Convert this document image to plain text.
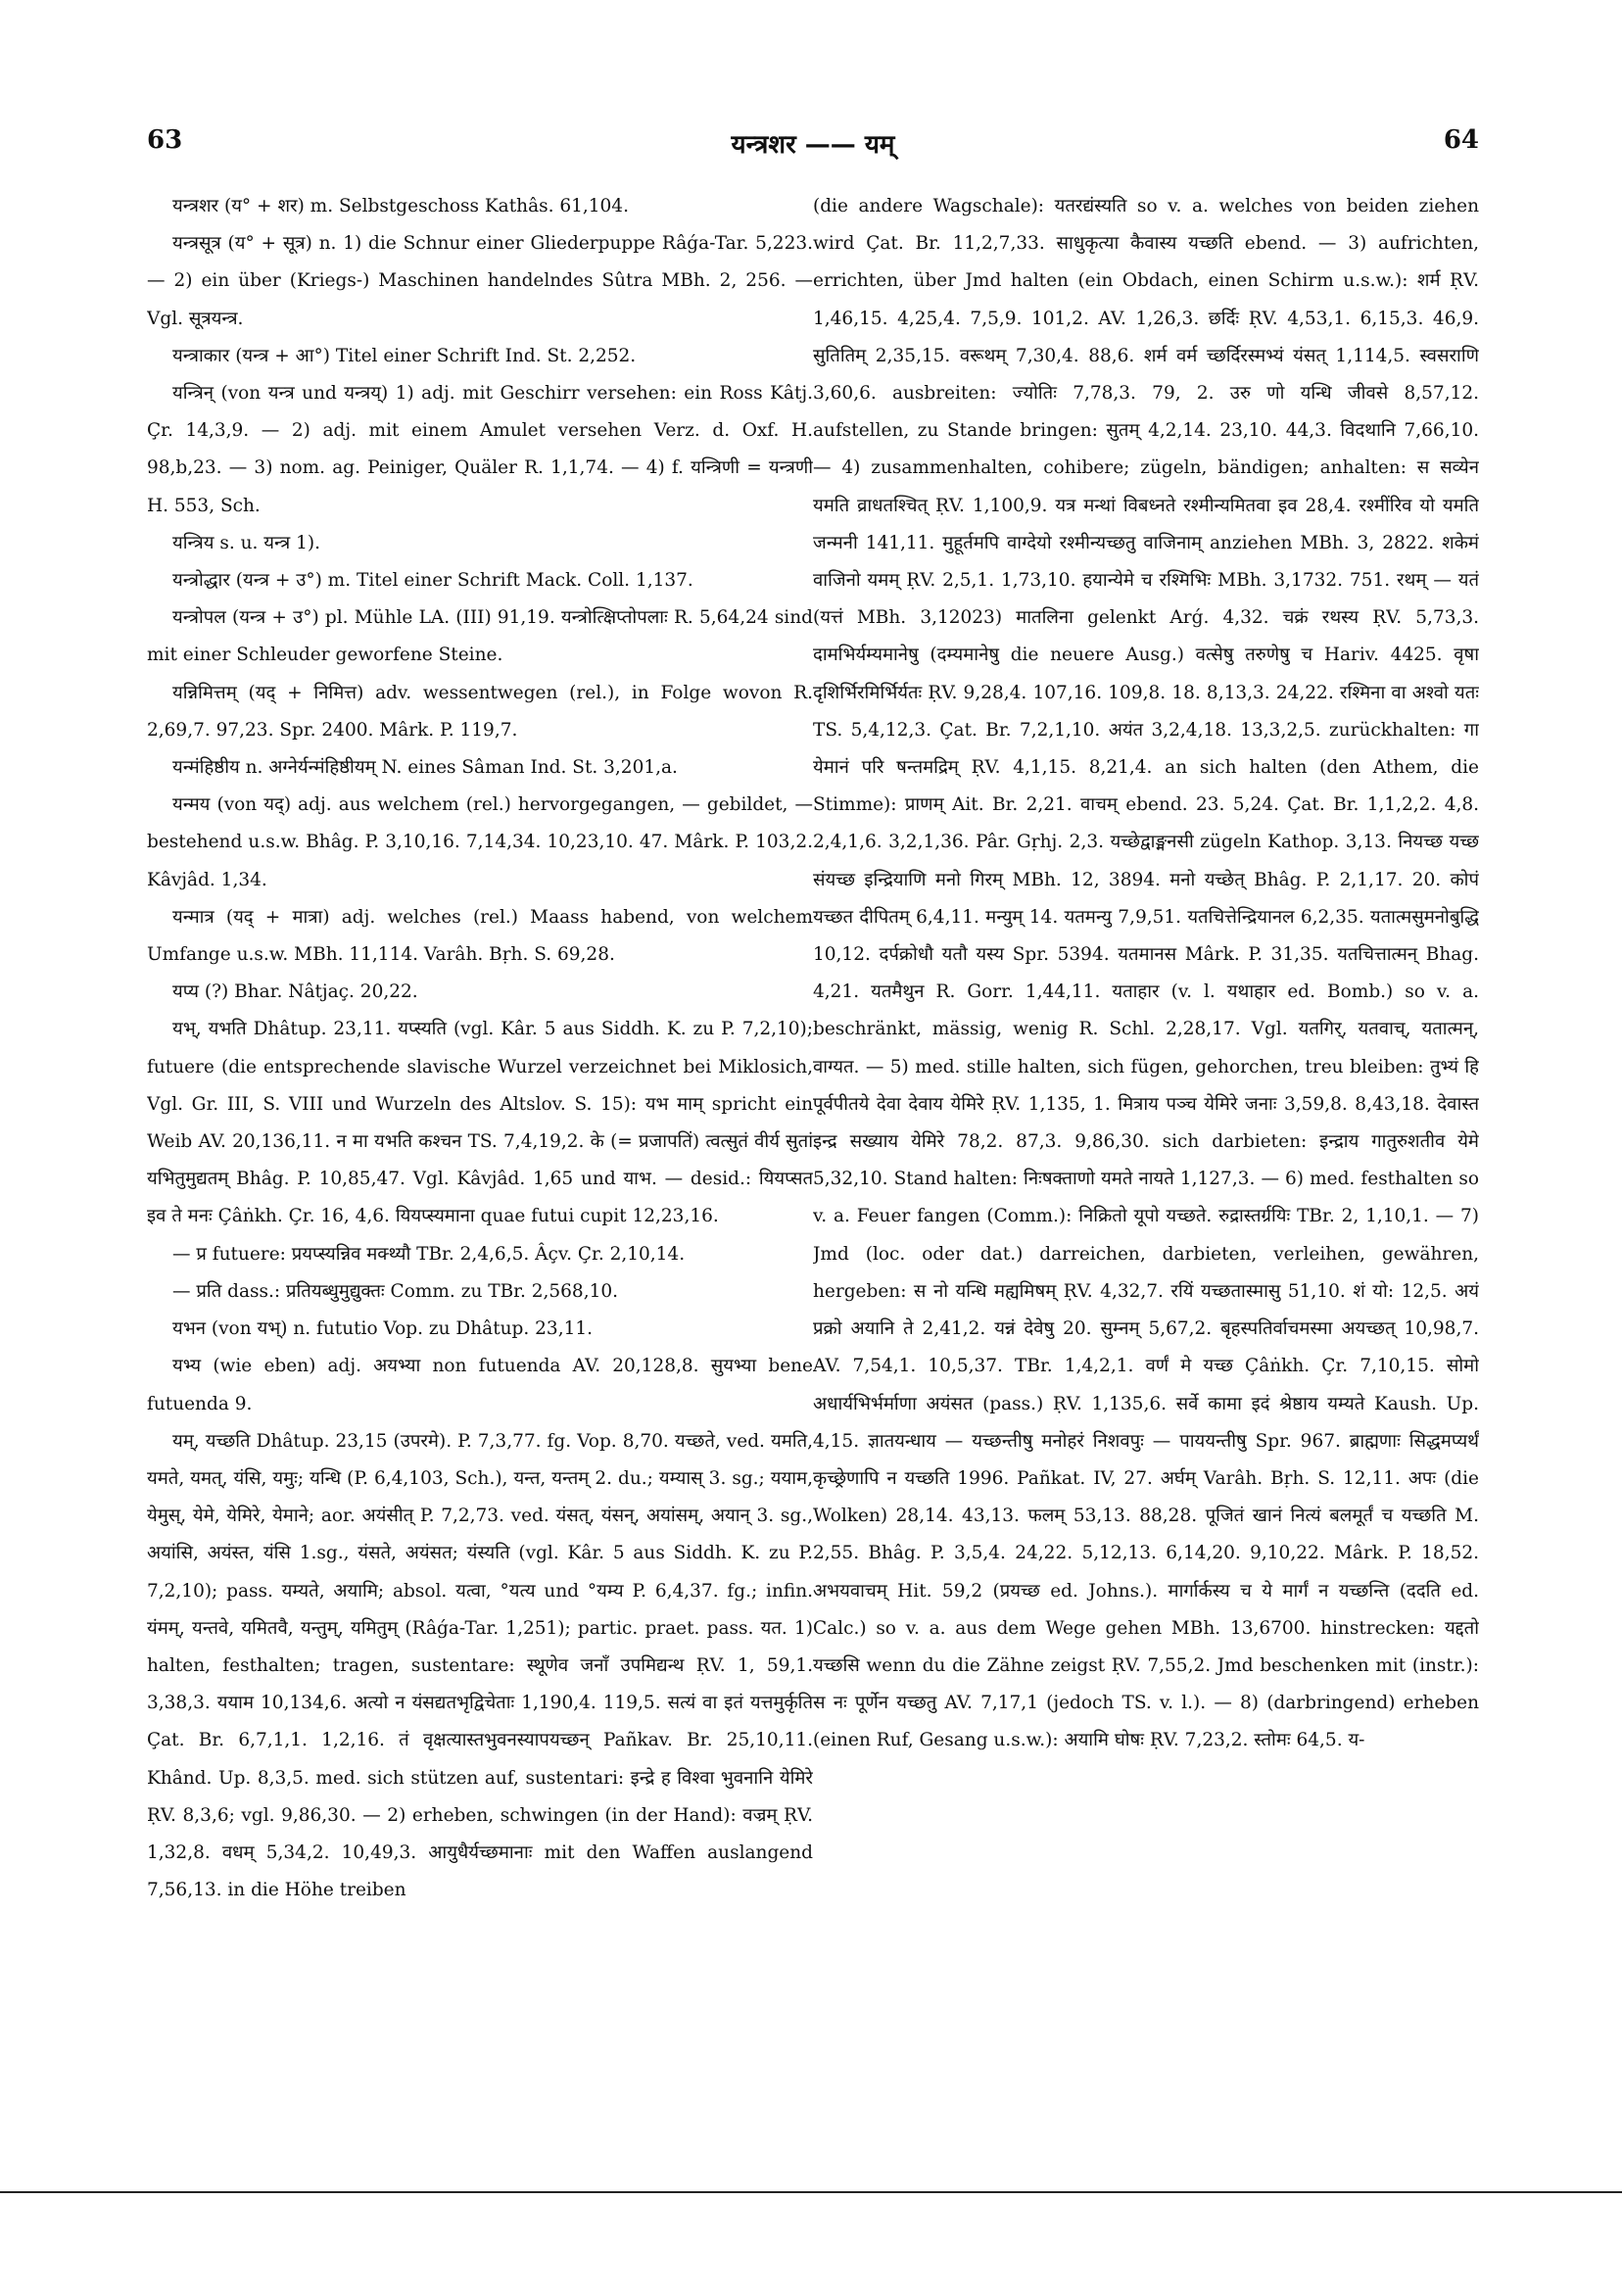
63	यन्त्रशर —— यम्	64

यन्त्रशर (य° + शर) m. Selbstgeschoss Kathâs. 61,104.

यन्त्रसूत्र (य° + सूत्र) n. 1) die Schnur einer Gliederpuppe Râǵa-Tar. 5,223. — 2) ein über (Kriegs-) Maschinen handelndes Sûtra MBh. 2, 256. — Vgl. सूत्रयन्त्र.

यन्त्राकार (यन्त्र + आ°) Titel einer Schrift Ind. St. 2,252.

यन्त्रिन् (von यन्त्र und यन्त्रय्) 1) adj. mit Geschirr versehen: ein Ross Kâtj. Çr. 14,3,9. — 2) adj. mit einem Amulet versehen Verz. d. Oxf. H. 98,b,23. — 3) nom. ag. Peiniger, Quäler R. 1,1,74. — 4) f. यन्त्रिणी = यन्त्रणी H. 553, Sch.

यन्त्रिय s. u. यन्त्र 1).

यन्त्रोद्धार (यन्त्र + उ°) m. Titel einer Schrift Mack. Coll. 1,137.

यन्त्रोपल (यन्त्र + उ°) pl. Mühle LA. (III) 91,19. यन्त्रोत्क्षिप्तोपलाः R. 5,64,24 sind mit einer Schleuder geworfene Steine.

यन्निमित्तम् (यद् + निमित्त) adv. wessentwegen (rel.), in Folge wovon R. 2,69,7. 97,23. Spr. 2400. Mârk. P. 119,7.

यन्मंहिष्ठीय n. अग्नेर्यन्मंहिष्ठीयम् N. eines Sâman Ind. St. 3,201,a.

यन्मय (von यद्) adj. aus welchem (rel.) hervorgegangen, — gebildet, — bestehend u.s.w. Bhâg. P. 3,10,16. 7,14,34. 10,23,10. 47. Mârk. P. 103,2. Kâvjâd. 1,34.

यन्मात्र (यद् + मात्रा) adj. welches (rel.) Maass habend, von welchem Umfange u.s.w. MBh. 11,114. Varâh. Bṛh. S. 69,28.

यप्य (?) Bhar. Nâtjaç. 20,22.

यभ्, यभति Dhâtup. 23,11. यप्स्यति (vgl. Kâr. 5 aus Siddh. K. zu P. 7,2,10); futuere (die entsprechende slavische Wurzel verzeichnet bei Miklosich, Vgl. Gr. III, S. VIII und Wurzeln des Altslov. S. 15): यभ माम् spricht ein Weib AV. 20,136,11. न मा यभति कश्चन TS. 7,4,19,2. के (= प्रजापतिं) त्वत्सुतं वीर्य सुतां यभितुमुद्यतम् Bhâg. P. 10,85,47. Vgl. Kâvjâd. 1,65 und याभ. — desid.: यियप्सत इव ते मनः Çâṅkh. Çr. 16, 4,6. यियप्स्यमाना quae futui cupit 12,23,16.

— प्र futuere: प्रयप्स्यन्निव मक्थ्यौ TBr. 2,4,6,5. Âçv. Çr. 2,10,14.

— प्रति dass.: प्रतियब्धुमुद्युक्तः Comm. zu TBr. 2,568,10.

यभन (von यभ्) n. fututio Vop. zu Dhâtup. 23,11.

यभ्य (wie eben) adj. अयभ्या non futuenda AV. 20,128,8. सुयभ्या bene futuenda 9.

यम्, यच्छति Dhâtup. 23,15 (उपरमे). P. 7,3,77. fg. Vop. 8,70. यच्छते, ved. यमति, यमते, यमत्, यंसि, यमुः; यन्धि (P. 6,4,103, Sch.), यन्त, यन्तम् 2. du.; यम्यास् 3. sg.; ययाम, येमुस्, येमे, येमिरे, येमाने; aor. अयंसीत् P. 7,2,73. ved. यंसत्, यंसन्, अयांसम्, अयान् 3. sg., अयांसि, अयंस्त, यंसि 1.sg., यंसते, अयंसत; यंस्यति (vgl. Kâr. 5 aus Siddh. K. zu P. 7,2,10); pass. यम्यते, अयामि; absol. यत्वा, °यत्य und °यम्य P. 6,4,37. fg.; infin. यंमम्, यन्तवे, यमितवै, यन्तुम्, यमितुम् (Râǵa-Tar. 1,251); partic. praet. pass. यत. 1) halten, festhalten; tragen, sustentare: स्थूणेव जनाँ उपमिद्यन्थ ṚV. 1, 59,1. 3,38,3. ययाम 10,134,6. अत्यो न यंसद्यतभृद्विचेताः 1,190,4. 119,5. सत्यं वा इतं यत्तमुर्कृति Çat. Br. 6,7,1,1. 1,2,16. तं वृक्षत्यास्तभुवनस्यापयच्छन् Pañkav. Br. 25,10,11. Khând. Up. 8,3,5. med. sich stützen auf, sustentari: इन्द्रे ह विश्वा भुवनानि येमिरे ṚV. 8,3,6; vgl. 9,86,30. — 2) erheben, schwingen (in der Hand): वज्रम् ṚV. 1,32,8. वधम् 5,34,2. 10,49,3. आयुधैर्यच्छमानाः mit den Waffen auslangend 7,56,13. in die Höhe treiben

(die andere Wagschale): यतरद्यंस्यति so v. a. welches von beiden ziehen wird Çat. Br. 11,2,7,33. साधुकृत्या कैवास्य यच्छति ebend. — 3) aufrichten, errichten, über Jmd halten (ein Obdach, einen Schirm u.s.w.): शर्म ṚV. 1,46,15. 4,25,4. 7,5,9. 101,2. AV. 1,26,3. छर्दिः ṚV. 4,53,1. 6,15,3. 46,9. सुतितिम् 2,35,15. वरूथम् 7,30,4. 88,6. शर्म वर्म च्छर्दिरस्मभ्यं यंसत् 1,114,5. स्वसराणि 3,60,6. ausbreiten: ज्योतिः 7,78,3. 79, 2. उरु णो यन्धि जीवसे 8,57,12. aufstellen, zu Stande bringen: सुतम् 4,2,14. 23,10. 44,3. विदथानि 7,66,10. — 4) zusammenhalten, cohibere; zügeln, bändigen; anhalten: स सव्येन यमति व्राधतश्चित् ṚV. 1,100,9. यत्र मन्थां विबध्नते रश्मीन्यमितवा इव 28,4. रश्मींरिव यो यमति जन्मनी 141,11. मुहूर्तमपि वाग्देयो रश्मीन्यच्छतु वाजिनाम् anziehen MBh. 3, 2822. शकेमं वाजिनो यमम् ṚV. 2,5,1. 1,73,10. हयान्येमे च रश्मिभिः MBh. 3,1732. 751. रथम् — यतं (यत्तं MBh. 3,12023) मातलिना gelenkt Arǵ. 4,32. चक्रं रथस्य ṚV. 5,73,3. दामभिर्यम्यमानेषु (दम्यमानेषु die neuere Ausg.) वत्सेषु तरुणेषु च Hariv. 4425. वृषा दृशिर्भिरमिर्भिर्यतः ṚV. 9,28,4. 107,16. 109,8. 18. 8,13,3. 24,22. रश्मिना वा अश्वो यतः TS. 5,4,12,3. Çat. Br. 7,2,1,10. अयंत 3,2,4,18. 13,3,2,5. zurückhalten: गा येमानं परि षन्तमद्रिम् ṚV. 4,1,15. 8,21,4. an sich halten (den Athem, die Stimme): प्राणम् Ait. Br. 2,21. वाचम् ebend. 23. 5,24. Çat. Br. 1,1,2,2. 4,8. 2,4,1,6. 3,2,1,36. Pâr. Gṛhj. 2,3. यच्छेद्वाङ्मनसी zügeln Kathop. 3,13. नियच्छ यच्छ संयच्छ इन्द्रियाणि मनो गिरम् MBh. 12, 3894. मनो यच्छेत् Bhâg. P. 2,1,17. 20. कोपं यच्छत दीपितम् 6,4,11. मन्युम् 14. यतमन्यु 7,9,51. यतचित्तेन्द्रियानल 6,2,35. यतात्मसुमनोबुद्धि 10,12. दर्पक्रोधौ यतौ यस्य Spr. 5394. यतमानस Mârk. P. 31,35. यतचित्तात्मन् Bhag. 4,21. यतमैथुन R. Gorr. 1,44,11. यताहार (v. l. यथाहार ed. Bomb.) so v. a. beschränkt, mässig, wenig R. Schl. 2,28,17. Vgl. यतगिर्, यतवाच्, यतात्मन्, वाग्यत. — 5) med. stille halten, sich fügen, gehorchen, treu bleiben: तुभ्यं हि पूर्वपीतये देवा देवाय येमिरे ṚV. 1,135, 1. मित्राय पञ्च येमिरे जनाः 3,59,8. 8,43,18. देवास्त इन्द्र सख्याय येमिरे 78,2. 87,3. 9,86,30. sich darbieten: इन्द्राय गातुरुशतीव येमे 5,32,10. Stand halten: निःषक्ताणो यमते नायते 1,127,3. — 6) med. festhalten so v. a. Feuer fangen (Comm.): निक्रितो यूपो यच्छते. रुद्रास्तर्ग्रयिः TBr. 2, 1,10,1. — 7) Jmd (loc. oder dat.) darreichen, darbieten, verleihen, gewähren, hergeben: स नो यन्धि मह्यमिषम् ṚV. 4,32,7. रयिं यच्छतास्मासु 51,10. शं यो: 12,5. अयं प्रक्रो अयानि ते 2,41,2. यन्नं देवेषु 20. सुम्नम् 5,67,2. बृहस्पतिर्वाचमस्मा अयच्छत् 10,98,7. AV. 7,54,1. 10,5,37. TBr. 1,4,2,1. वर्णं मे यच्छ Çâṅkh. Çr. 7,10,15. सोमो अधार्यभिर्भर्माणा अयंसत (pass.) ṚV. 1,135,6. सर्वे कामा इदं श्रेष्ठाय यम्यते Kaush. Up. 4,15. ज्ञातयन्धाय — यच्छन्तीषु मनोहरं निशवपुः — पाययन्तीषु Spr. 967. ब्राह्मणाः सिद्धमप्यर्थं कृच्छ्रेणापि न यच्छति 1996. Pañkat. IV, 27. अर्घम् Varâh. Bṛh. S. 12,11. अपः (die Wolken) 28,14. 43,13. फलम् 53,13. 88,28. पूजितं खानं नित्यं बलमूर्तं च यच्छति M. 2,55. Bhâg. P. 3,5,4. 24,22. 5,12,13. 6,14,20. 9,10,22. Mârk. P. 18,52. अभयवाचम् Hit. 59,2 (प्रयच्छ ed. Johns.). मार्गार्कस्य च ये मार्गं न यच्छन्ति (ददति ed. Calc.) so v. a. aus dem Wege gehen MBh. 13,6700. hinstrecken: यद्दतो यच्छसि wenn du die Zähne zeigst ṚV. 7,55,2. Jmd beschenken mit (instr.): स नः पूर्णेन यच्छतु AV. 7,17,1 (jedoch TS. v. l.). — 8) (darbringend) erheben (einen Ruf, Gesang u.s.w.): अयामि घोषः ṚV. 7,23,2. स्तोमः 64,5. य-
